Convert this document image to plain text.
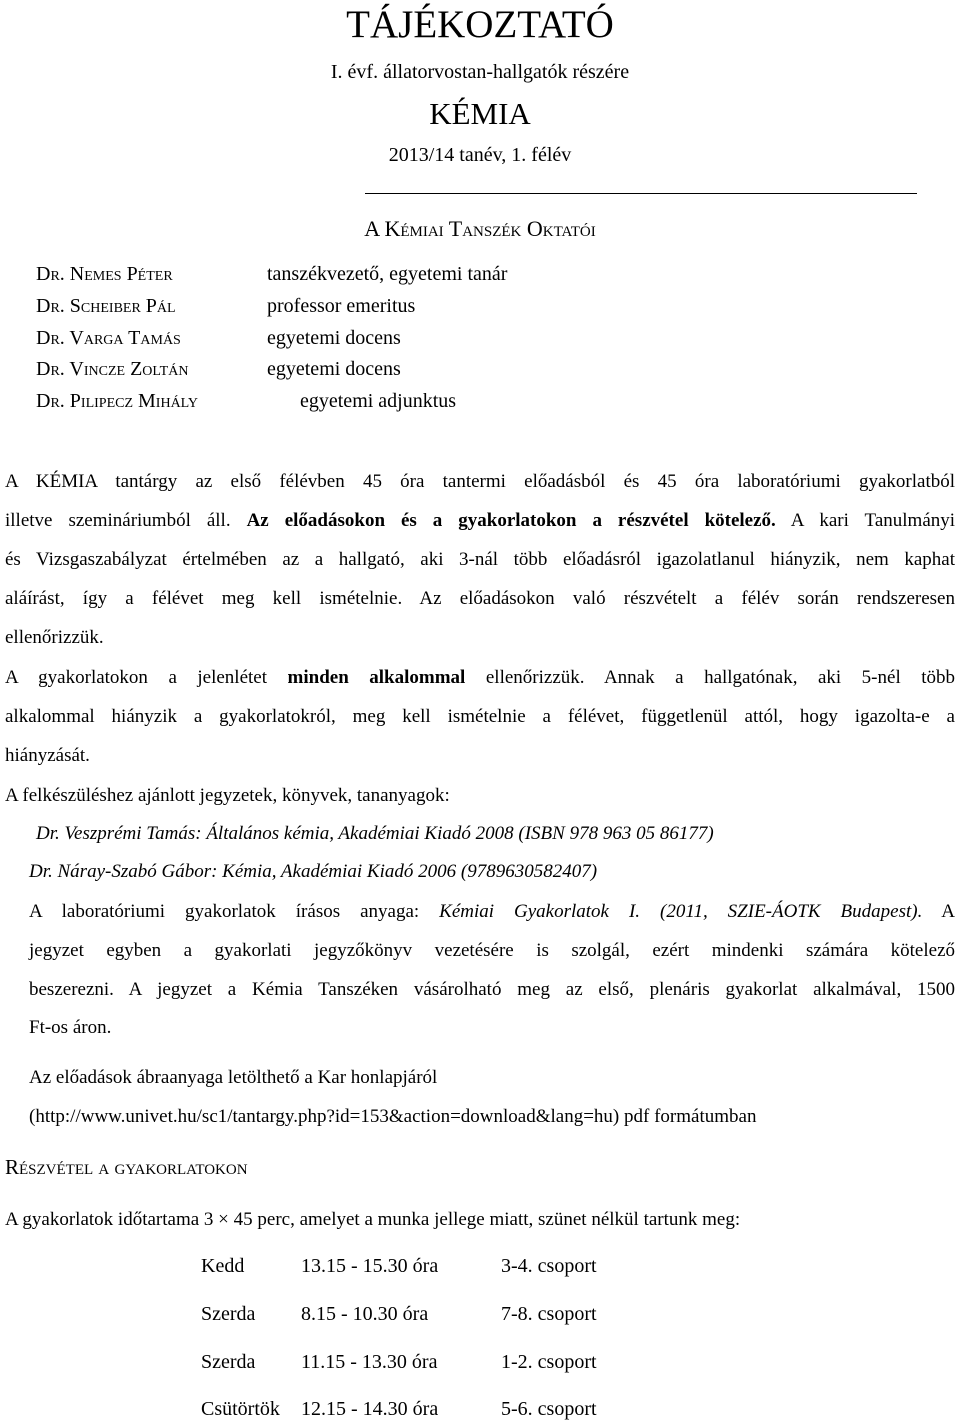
TÁJÉKOZTATÓ
I. évf. állatorvostan-hallgatók részére
KÉMIA
2013/14 tanév, 1. félév
A Kémiai Tanszék Oktatói
Dr. Nemes Péter	tanszékvezető, egyetemi tanár
Dr. Scheiber Pál	professor emeritus
Dr. Varga Tamás	egyetemi docens
Dr. Vincze Zoltán	egyetemi docens
Dr. Pilipecz Mihály	egyetemi adjunktus
A KÉMIA tantárgy az első félévben 45 óra tantermi előadásból és 45 óra laboratóriumi gyakorlatból
illetve szemináriumból áll. Az előadásokon és a gyakorlatokon a részvétel kötelező. A kari Tanulmányi
és Vizsgaszabályzat értelmében az a hallgató, aki 3-nál több előadásról igazolatlanul hiányzik, nem kaphat
aláírást, így a félévet meg kell ismételnie. Az előadásokon való részvételt a félév során rendszeresen
ellenőrizzük.
A gyakorlatokon a jelenlétet minden alkalommal ellenőrizzük. Annak a hallgatónak, aki 5-nél több
alkalommal hiányzik a gyakorlatokról, meg kell ismételnie a félévet, függetlenül attól, hogy igazolta-e a
hiányzását.
A felkészüléshez ajánlott jegyzetek, könyvek, tananyagok:
Dr. Veszprémi Tamás: Általános kémia, Akadémiai Kiadó 2008 (ISBN 978 963 05 86177)
Dr. Náray-Szabó Gábor: Kémia, Akadémiai Kiadó 2006 (9789630582407)
A laboratóriumi gyakorlatok írásos anyaga: Kémiai Gyakorlatok I. (2011, SZIE-ÁOTK Budapest). A
jegyzet egyben a gyakorlati jegyzőkönyv vezetésére is szolgál, ezért mindenki számára kötelező
beszerezni. A jegyzet a Kémia Tanszéken vásárolható meg az első, plenáris gyakorlat alkalmával, 1500
Ft-os áron.
Az előadások ábraanyaga letölthető a Kar honlapjáról
(http://www.univet.hu/sc1/tantargy.php?id=153&action=download&lang=hu) pdf formátumban
Részvétel a gyakorlatokon
A gyakorlatok időtartama 3 × 45 perc, amelyet a munka jellege miatt, szünet nélkül tartunk meg:
Kedd	13.15 - 15.30 óra	3-4. csoport
Szerda 8.15 - 10.30 óra	7-8. csoport
Szerda 11.15 - 13.30 óra	1-2. csoport
Csütörtök 12.15 - 14.30 óra	5-6. csoport
